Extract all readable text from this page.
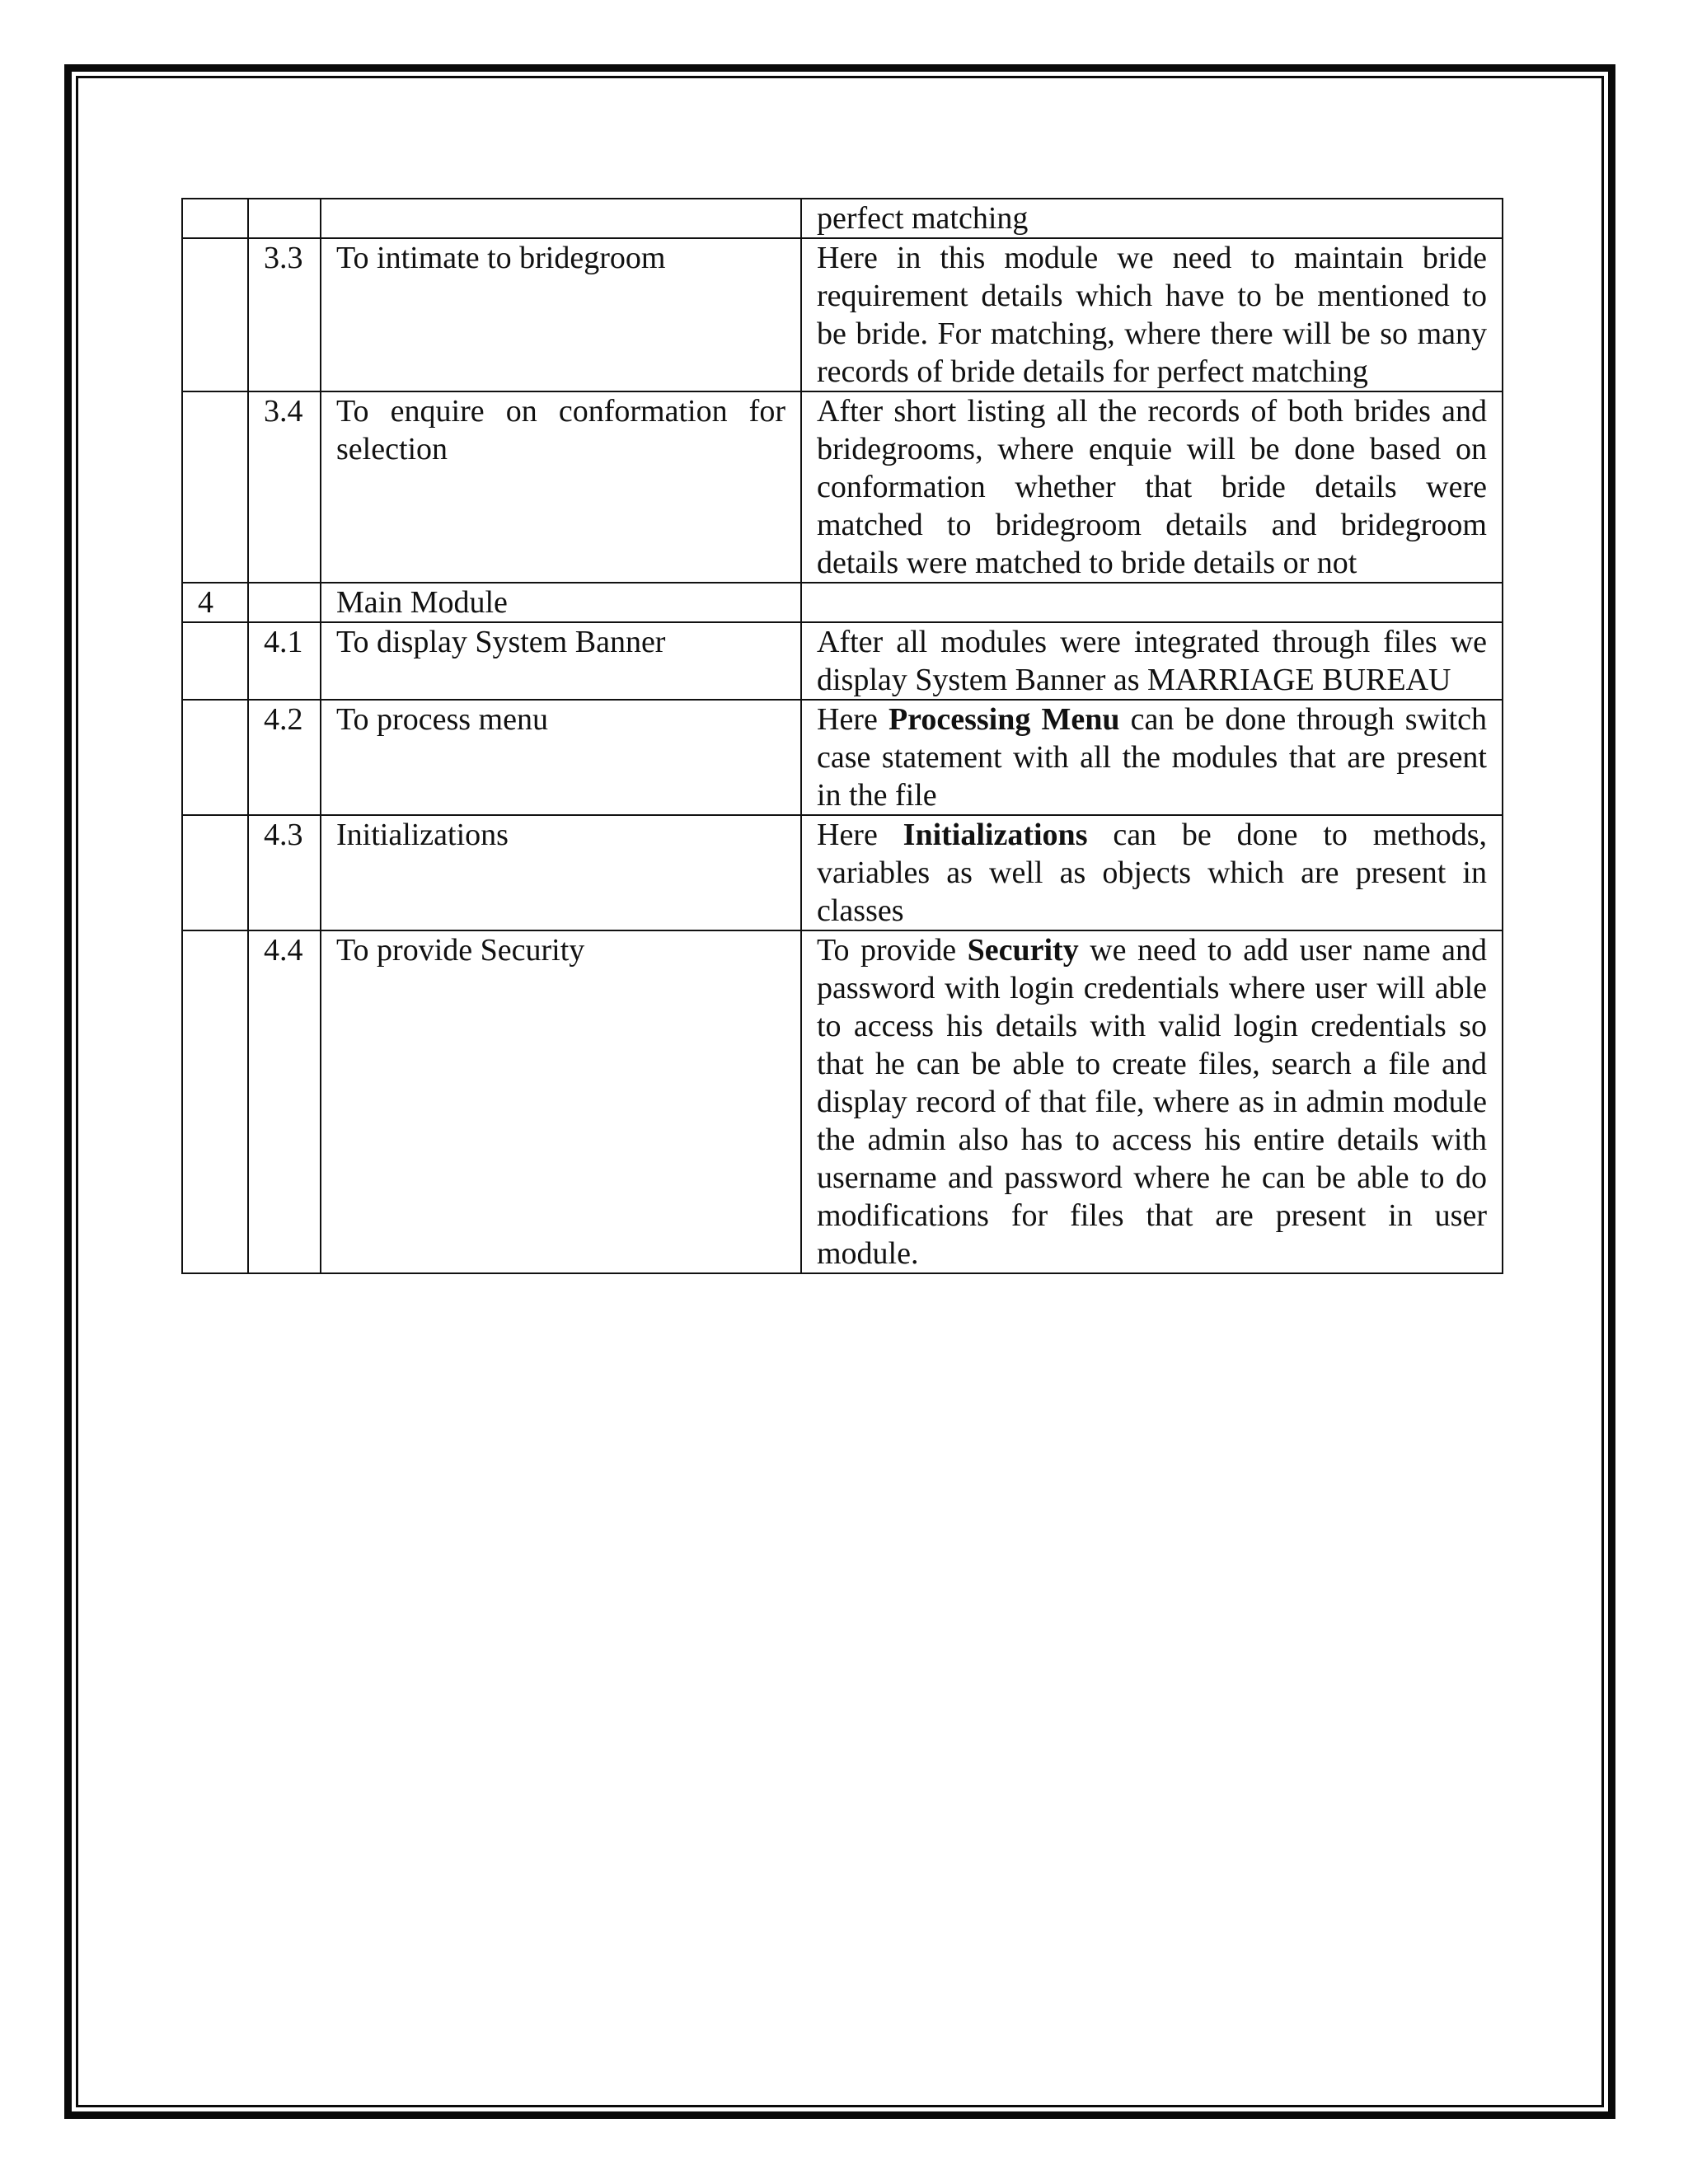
			perfect matching
	3.3	To intimate to bridegroom	Here in this module we need to maintain bride requirement details which have to be mentioned to be bride. For matching, where there will be so many records of bride details for perfect matching
	3.4	To enquire on conformation for selection	After short listing all the records of both brides and bridegrooms, where enquie will be done based on conformation whether that bride details were matched to bridegroom details and bridegroom details were matched to bride details or not
4		Main Module	
	4.1	To display System Banner	After all modules were integrated through files we display System Banner as MARRIAGE BUREAU
	4.2	To process menu	Here Processing Menu can be done through switch case statement with all the modules that are present in the file
	4.3	Initializations	Here Initializations can be done to methods, variables as well as objects which are present in classes
	4.4	To provide Security	To provide Security we need to add user name and password with login credentials where user will able to access his details with valid login credentials so that he can be able to create files, search a file and display record of that file, where as in admin module the admin also has to access his entire details with username and password where he can be able to do modifications for files that are present in user module.
